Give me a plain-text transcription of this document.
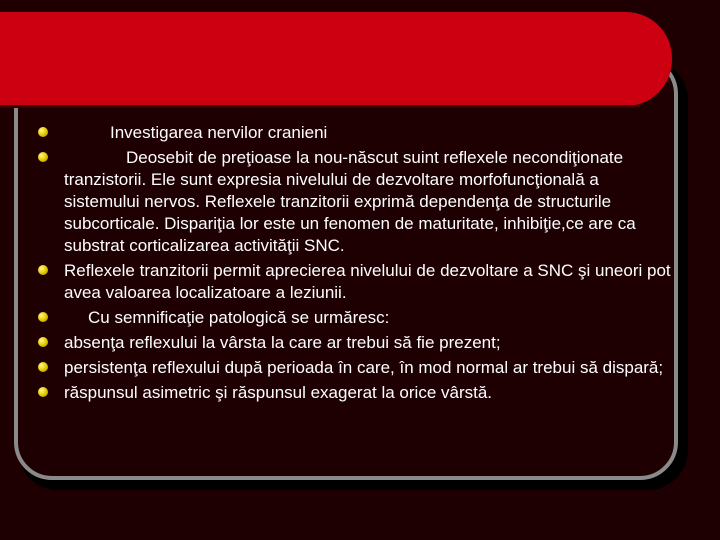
Investigarea nervilor cranieni
Deosebit de preţioase la nou-născut suint reflexele necondiţionate tranzistorii. Ele sunt expresia nivelului de dezvoltare morfofuncţională a sistemului nervos. Reflexele tranzitorii exprimă dependenţa de structurile subcorticale. Dispariţia lor este un fenomen de maturitate, inhibiţie,ce are ca substrat corticalizarea activităţii SNC.
Reflexele tranzitorii permit aprecierea nivelului de dezvoltare a SNC şi uneori pot avea valoarea localizatoare a leziunii.
Cu semnificaţie patologică se urmăresc:
absenţa reflexului la vârsta la care ar trebui să fie prezent;
persistenţa reflexului după perioada în care, în mod normal ar trebui să dispară;
răspunsul asimetric şi răspunsul exagerat la orice vârstă.
